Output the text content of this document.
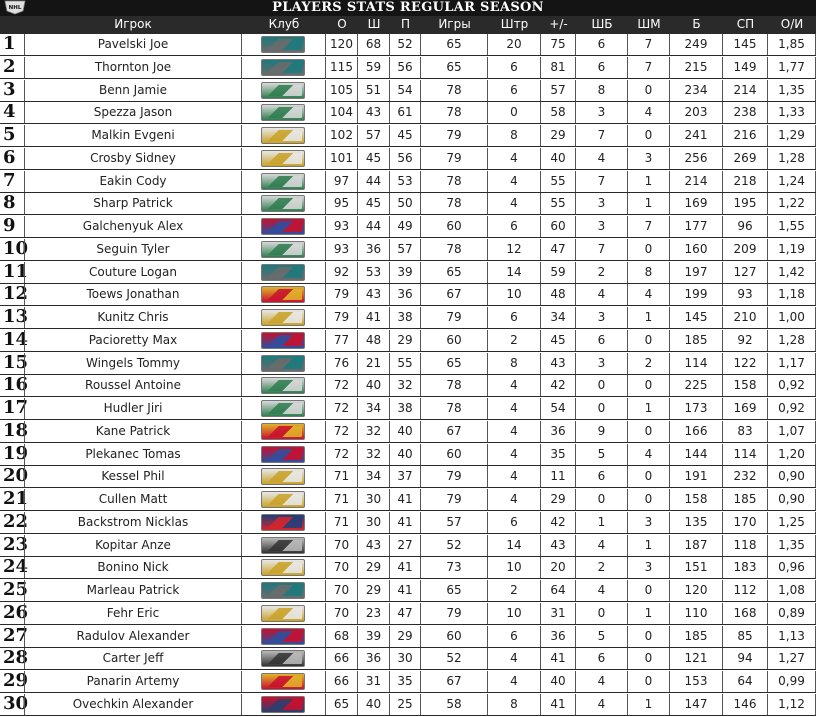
NHL	PLAYERS STATS REGULAR SEASON
Игрок	Клуб	О	Ш	П	Игры	Штр	+/-	ШБ	ШМ	Б	СП	О/И
1	Pavelski Joe	120	68	52	65	20	75	6	7	249	145	1,85
2	Thornton Joe	115	59	56	65	6	81	6	7	215	149	1,77
3	Benn Jamie	105	51	54	78	6	57	8	0	234	214	1,35
4	Spezza Jason	104	43	61	78	0	58	3	4	203	238	1,33
5	Malkin Evgeni	102	57	45	79	8	29	7	0	241	216	1,29
6	Crosby Sidney	101	45	56	79	4	40	4	3	256	269	1,28
7	Eakin Cody	97	44	53	78	4	55	7	1	214	218	1,24
8	Sharp Patrick	95	45	50	78	4	55	3	1	169	195	1,22
9	Galchenyuk Alex	93	44	49	60	6	60	3	7	177	96	1,55
10	Seguin Tyler	93	36	57	78	12	47	7	0	160	209	1,19
11	Couture Logan	92	53	39	65	14	59	2	8	197	127	1,42
12	Toews Jonathan	79	43	36	67	10	48	4	4	199	93	1,18
13	Kunitz Chris	79	41	38	79	6	34	3	1	145	210	1,00
14	Pacioretty Max	77	48	29	60	2	45	6	0	185	92	1,28
15	Wingels Tommy	76	21	55	65	8	43	3	2	114	122	1,17
16	Roussel Antoine	72	40	32	78	4	42	0	0	225	158	0,92
17	Hudler Jiri	72	34	38	78	4	54	0	1	173	169	0,92
18	Kane Patrick	72	32	40	67	4	36	9	0	166	83	1,07
19	Plekanec Tomas	72	32	40	60	4	35	5	4	144	114	1,20
20	Kessel Phil	71	34	37	79	4	11	6	0	191	232	0,90
21	Cullen Matt	71	30	41	79	4	29	0	0	158	185	0,90
22	Backstrom Nicklas	71	30	41	57	6	42	1	3	135	170	1,25
23	Kopitar Anze	70	43	27	52	14	43	4	1	187	118	1,35
24	Bonino Nick	70	29	41	73	10	20	2	3	151	183	0,96
25	Marleau Patrick	70	29	41	65	2	64	4	0	120	112	1,08
26	Fehr Eric	70	23	47	79	10	31	0	1	110	168	0,89
27	Radulov Alexander	68	39	29	60	6	36	5	0	185	85	1,13
28	Carter Jeff	66	36	30	52	4	41	6	0	121	94	1,27
29	Panarin Artemy	66	31	35	67	4	40	4	0	153	64	0,99
30	Ovechkin Alexander	65	40	25	58	8	41	4	1	147	146	1,12
